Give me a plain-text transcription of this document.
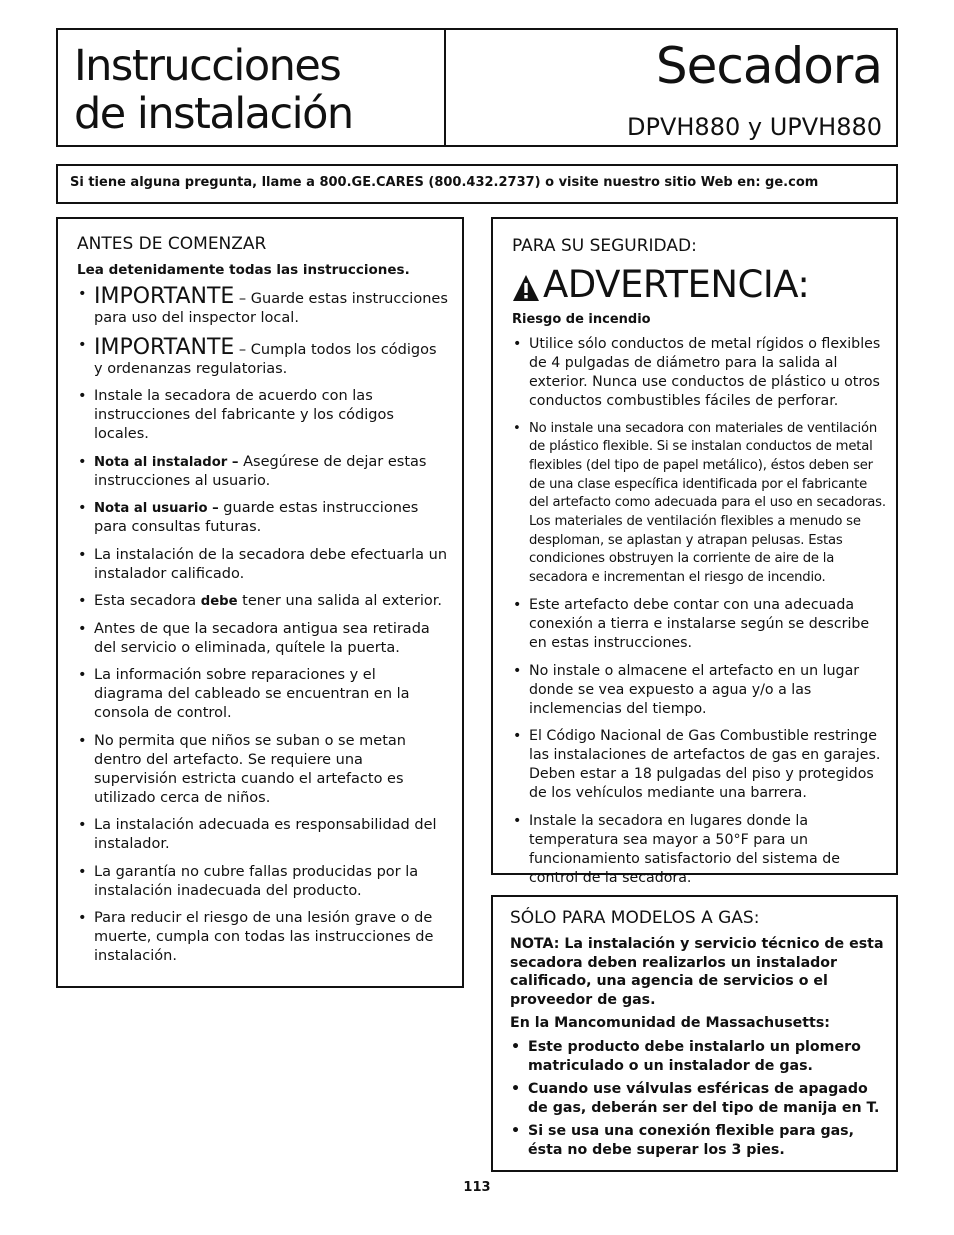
Instrucciones
de instalación
Secadora
DPVH880 y UPVH880
Si tiene alguna pregunta, llame a 800.GE.CARES (800.432.2737) o visite nuestro sitio Web en: ge.com
ANTES DE COMENZAR
Lea detenidamente todas las instrucciones.
• IMPORTANTE – Guarde estas instrucciones para uso del inspector local.
• IMPORTANTE – Cumpla todos los códigos y ordenanzas regulatorias.
• Instale la secadora de acuerdo con las instrucciones del fabricante y los códigos locales.
• Nota al instalador – Asegúrese de dejar estas instrucciones al usuario.
• Nota al usuario – guarde estas instrucciones para consultas futuras.
• La instalación de la secadora debe efectuarla un instalador calificado.
• Esta secadora debe tener una salida al exterior.
• Antes de que la secadora antigua sea retirada del servicio o eliminada, quítele la puerta.
• La información sobre reparaciones y el diagrama del cableado se encuentran en la consola de control.
• No permita que niños se suban o se metan dentro del artefacto. Se requiere una supervisión estricta cuando el artefacto es utilizado cerca de niños.
• La instalación adecuada es responsabilidad del instalador.
• La garantía no cubre fallas producidas por la instalación inadecuada del producto.
• Para reducir el riesgo de una lesión grave o de muerte, cumpla con todas las instrucciones de instalación.
PARA SU SEGURIDAD:
ADVERTENCIA:
Riesgo de incendio
• Utilice sólo conductos de metal rígidos o flexibles de 4 pulgadas de diámetro para la salida al exterior. Nunca use conductos de plástico u otros conductos combustibles fáciles de perforar.
• No instale una secadora con materiales de ventilación de plástico flexible. Si se instalan conductos de metal flexibles (del tipo de papel metálico), éstos deben ser de una clase específica identificada por el fabricante del artefacto como adecuada para el uso en secadoras. Los materiales de ventilación flexibles a menudo se desploman, se aplastan y atrapan pelusas. Estas condiciones obstruyen la corriente de aire de la secadora e incrementan el riesgo de incendio.
• Este artefacto debe contar con una adecuada conexión a tierra e instalarse según se describe en estas instrucciones.
• No instale o almacene el artefacto en un lugar donde se vea expuesto a agua y/o a las inclemencias del tiempo.
• El Código Nacional de Gas Combustible restringe las instalaciones de artefactos de gas en garajes. Deben estar a 18 pulgadas del piso y protegidos de los vehículos mediante una barrera.
• Instale la secadora en lugares donde la temperatura sea mayor a 50°F para un funcionamiento satisfactorio del sistema de control de la secadora.
SÓLO PARA MODELOS A GAS:
NOTA: La instalación y servicio técnico de esta secadora deben realizarlos un instalador calificado, una agencia de servicios o el proveedor de gas.
En la Mancomunidad de Massachusetts:
• Este producto debe instalarlo un plomero matriculado o un instalador de gas.
• Cuando use válvulas esféricas de apagado de gas, deberán ser del tipo de manija en T.
• Si se usa una conexión flexible para gas, ésta no debe superar los 3 pies.
113
